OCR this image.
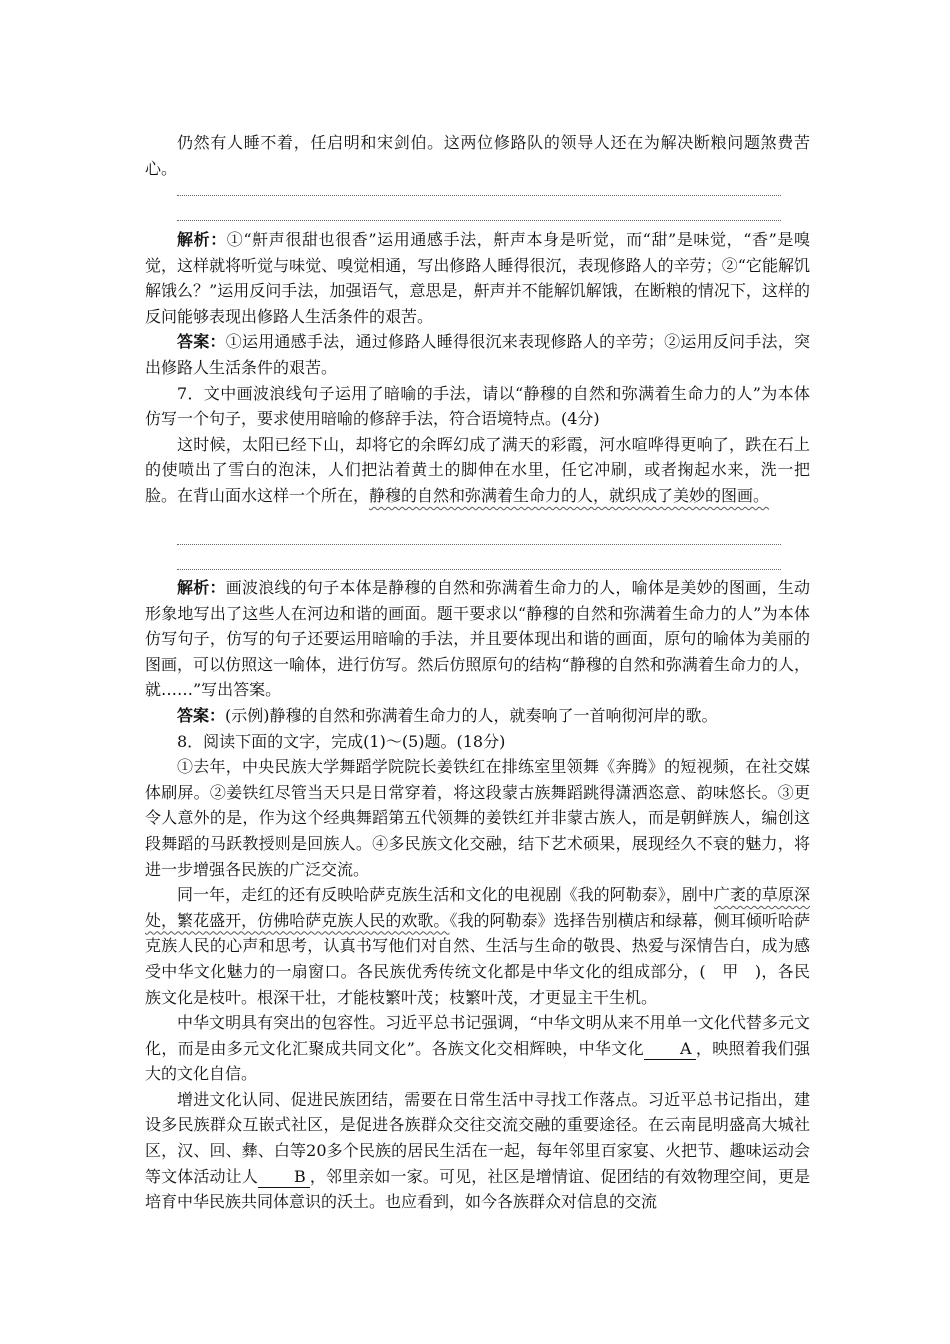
仍然有人睡不着，任启明和宋剑伯。这两位修路队的领导人还在为解决断粮问题煞费苦心。

解析：①“鼾声很甜也很香”运用通感手法，鼾声本身是听觉，而“甜”是味觉，“香”是嗅觉，这样就将听觉与味觉、嗅觉相通，写出修路人睡得很沉，表现修路人的辛劳；②“它能解饥解饿么？”运用反问手法，加强语气，意思是，鼾声并不能解饥解饿，在断粮的情况下，这样的反问能够表现出修路人生活条件的艰苦。

答案：①运用通感手法，通过修路人睡得很沉来表现修路人的辛劳；②运用反问手法，突出修路人生活条件的艰苦。

7．文中画波浪线句子运用了暗喻的手法，请以“静穆的自然和弥满着生命力的人”为本体仿写一个句子，要求使用暗喻的修辞手法，符合语境特点。(4分)

这时候，太阳已经下山，却将它的余晖幻成了满天的彩霞，河水喧哗得更响了，跌在石上的使喷出了雪白的泡沫，人们把沾着黄土的脚伸在水里，任它冲刷，或者掬起水来，洗一把脸。在背山面水这样一个所在，静穆的自然和弥满着生命力的人，就织成了美妙的图画。

解析：画波浪线的句子本体是静穆的自然和弥满着生命力的人，喻体是美妙的图画，生动形象地写出了这些人在河边和谐的画面。题干要求以“静穆的自然和弥满着生命力的人”为本体仿写句子，仿写的句子还要运用暗喻的手法，并且要体现出和谐的画面，原句的喻体为美丽的图画，可以仿照这一喻体，进行仿写。然后仿照原句的结构“静穆的自然和弥满着生命力的人，就……”写出答案。

答案：(示例)静穆的自然和弥满着生命力的人，就奏响了一首响彻河岸的歌。

8．阅读下面的文字，完成(1)～(5)题。(18分)

①去年，中央民族大学舞蹈学院院长姜铁红在排练室里领舞《奔腾》的短视频，在社交媒体刷屏。②姜铁红尽管当天只是日常穿着，将这段蒙古族舞蹈跳得潇洒恣意、韵味悠长。③更令人意外的是，作为这个经典舞蹈第五代领舞的姜铁红并非蒙古族人，而是朝鲜族人，编创这段舞蹈的马跃教授则是回族人。④多民族文化交融，结下艺术硕果，展现经久不衰的魅力，将进一步增强各民族的广泛交流。

同一年，走红的还有反映哈萨克族生活和文化的电视剧《我的阿勒泰》，剧中广袤的草原深处，繁花盛开，仿佛哈萨克族人民的欢歌。《我的阿勒泰》选择告别横店和绿幕，侧耳倾听哈萨克族人民的心声和思考，认真书写他们对自然、生活与生命的敬畏、热爱与深情告白，成为感受中华文化魅力的一扇窗口。各民族优秀传统文化都是中华文化的组成部分，(　甲　)，各民族文化是枝叶。根深干壮，才能枝繁叶茂；枝繁叶茂，才更显主干生机。

中华文明具有突出的包容性。习近平总书记强调，“中华文明从来不用单一文化代替多元文化，而是由多元文化汇聚成共同文化”。各族文化交相辉映，中华文化 A ，映照着我们强大的文化自信。

增进文化认同、促进民族团结，需要在日常生活中寻找工作落点。习近平总书记指出，建设多民族群众互嵌式社区，是促进各族群众交往交流交融的重要途径。在云南昆明盛高大城社区，汉、回、彝、白等20多个民族的居民生活在一起，每年邻里百家宴、火把节、趣味运动会等文体活动让人 B ，邻里亲如一家。可见，社区是增情谊、促团结的有效物理空间，更是培育中华民族共同体意识的沃土。也应看到，如今各族群众对信息的交流
